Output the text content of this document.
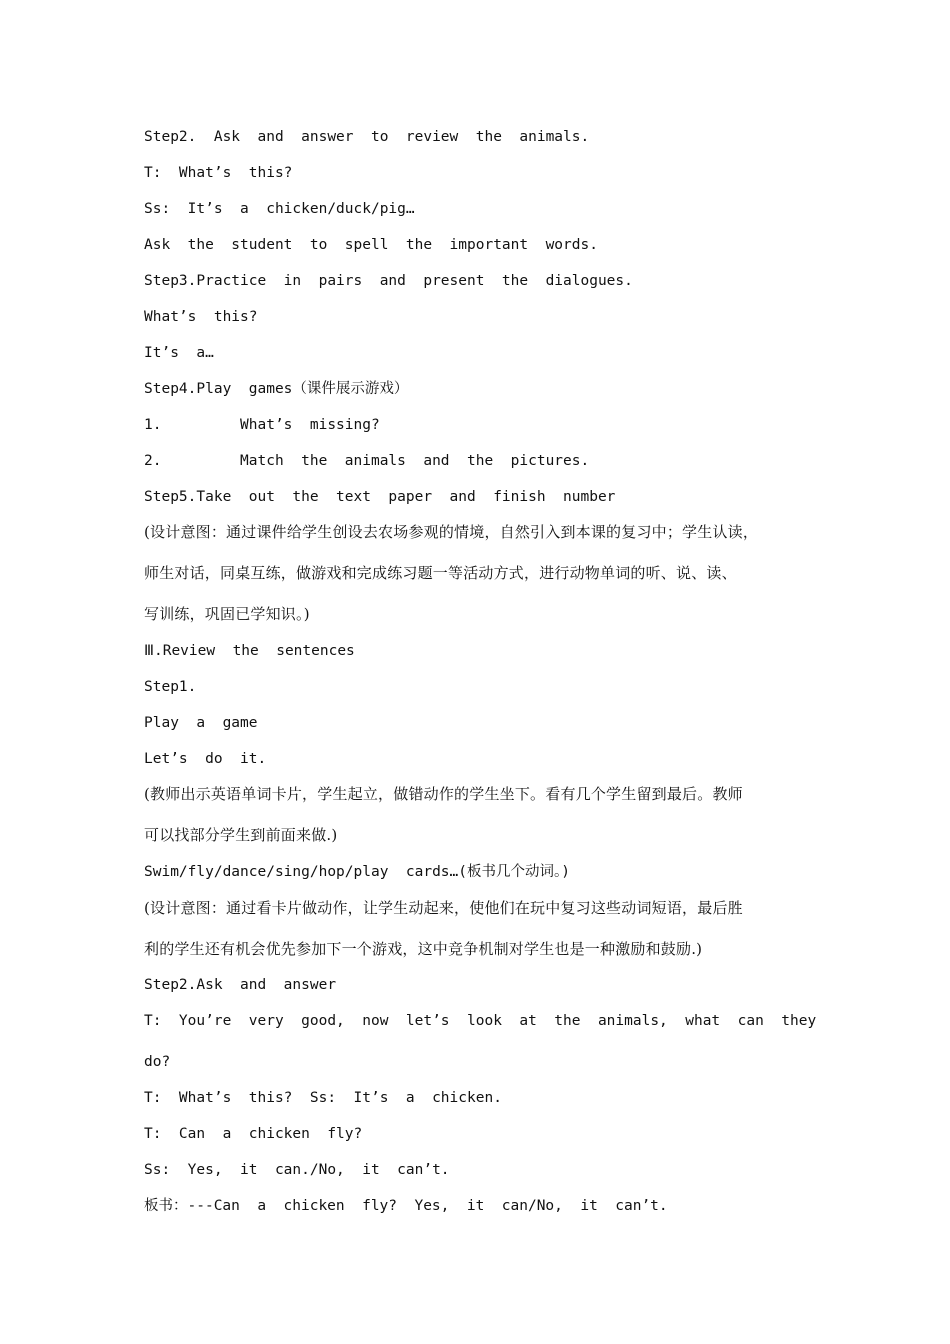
Step2.  Ask  and  answer  to  review  the  animals.
T:  What’s  this?
Ss:  It’s  a  chicken/duck/pig…
Ask  the  student  to  spell  the  important  words.
Step3.Practice  in  pairs  and  present  the  dialogues.
What’s  this?
It’s  a…
Step4.Play  games（课件展示游戏）
1.         What’s  missing?
2.         Match  the  animals  and  the  pictures.
Step5.Take  out  the  text  paper  and  finish  number
(设计意图：通过课件给学生创设去农场参观的情境，自然引入到本课的复习中；学生认读，
师生对话，同桌互练，做游戏和完成练习题一等活动方式，进行动物单词的听、说、读、
写训练，巩固已学知识。)
Ⅲ.Review  the  sentences
Step1.
Play  a  game
Let’s  do  it.
(教师出示英语单词卡片，学生起立，做错动作的学生坐下。看有几个学生留到最后。教师
可以找部分学生到前面来做.)
Swim/fly/dance/sing/hop/play  cards…(板书几个动词。)
(设计意图：通过看卡片做动作，让学生动起来，使他们在玩中复习这些动词短语，最后胜
利的学生还有机会优先参加下一个游戏，这中竞争机制对学生也是一种激励和鼓励.)
Step2.Ask  and  answer
T:  You’re  very  good,  now  let’s  look  at  the  animals,  what  can  they
do?
T:  What’s  this?  Ss:  It’s  a  chicken.
T:  Can  a  chicken  fly?
Ss:  Yes,  it  can./No,  it  can’t.
板书：---Can  a  chicken  fly?  Yes,  it  can/No,  it  can’t.
